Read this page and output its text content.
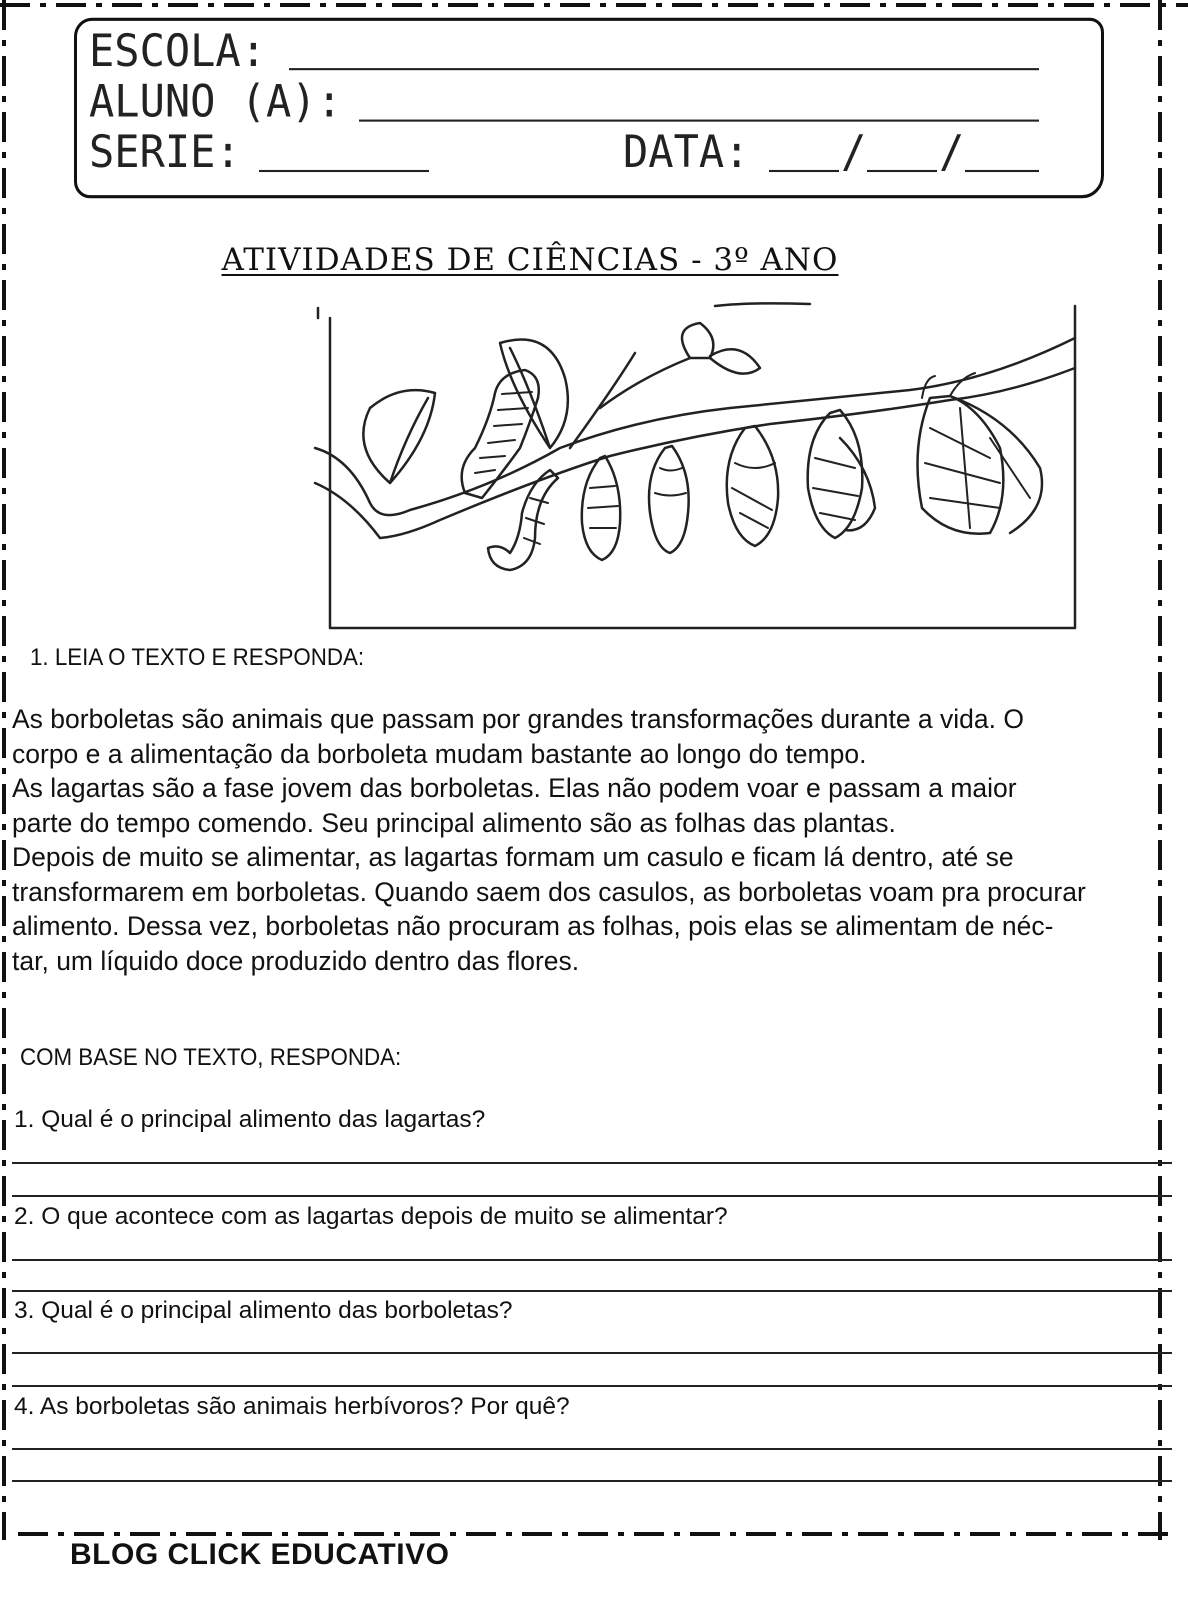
ESCOLA:
ALUNO (A):
SERIE:	DATA: / /
ATIVIDADES DE CIÊNCIAS - 3º ANO
1. LEIA O TEXTO E RESPONDA:
As borboletas são animais que passam por grandes transformações durante a vida. O
corpo e a alimentação da borboleta mudam bastante ao longo do tempo.
As lagartas são a fase jovem das borboletas. Elas não podem voar e passam a maior
parte do tempo comendo. Seu principal alimento são as folhas das plantas.
Depois de muito se alimentar, as lagartas formam um casulo e ficam lá dentro, até se
transformarem em borboletas. Quando saem dos casulos, as borboletas voam pra procurar
alimento. Dessa vez, borboletas não procuram as folhas, pois elas se alimentam de néc-
tar, um líquido doce produzido dentro das flores.
COM BASE NO TEXTO, RESPONDA:
1. Qual é o principal alimento das lagartas?
2. O que acontece com as lagartas depois de muito se alimentar?
3. Qual é o principal alimento das borboletas?
4. As borboletas são animais herbívoros? Por quê?
BLOG CLICK EDUCATIVO
